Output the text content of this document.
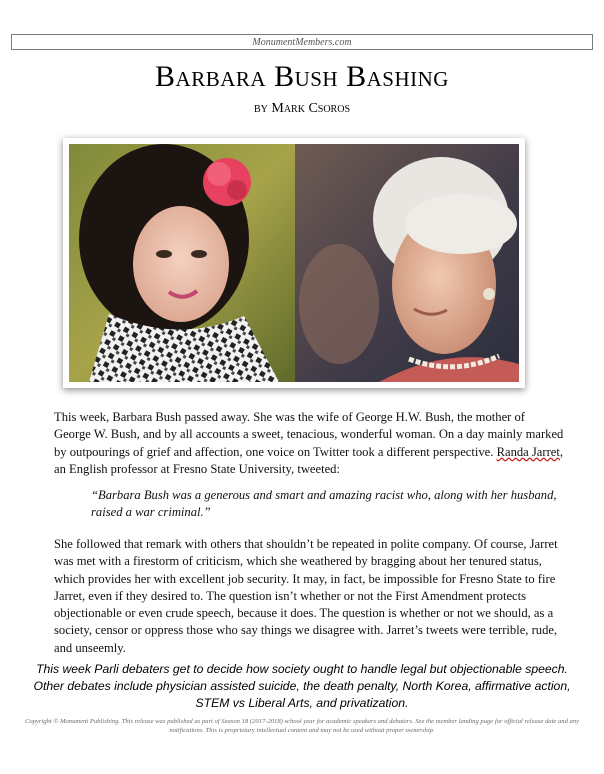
MonumentMembers.com
Barbara Bush Bashing
by Mark Csoros

This week, Barbara Bush passed away. She was the wife of George H.W. Bush, the mother of George W. Bush, and by all accounts a sweet, tenacious, wonderful woman. On a day mainly marked by outpourings of grief and affection, one voice on Twitter took a different perspective. Randa Jarret, an English professor at Fresno State University, tweeted:

“Barbara Bush was a generous and smart and amazing racist who, along with her husband, raised a war criminal.”

She followed that remark with others that shouldn’t be repeated in polite company. Of course, Jarret was met with a firestorm of criticism, which she weathered by bragging about her tenured status, which provides her with excellent job security. It may, in fact, be impossible for Fresno State to fire Jarret, even if they desired to. The question isn’t whether or not the First Amendment protects objectionable or even crude speech, because it does. The question is whether or not we should, as a society, censor or oppress those who say things we disagree with. Jarret’s tweets were terrible, rude, and unseemly.

This week Parli debaters get to decide how society ought to handle legal but objectionable speech.
Other debates include physician assisted suicide, the death penalty, North Korea, affirmative action,
STEM vs Liberal Arts, and privatization.
Copyright © Monument Publishing. This release was published as part of Season 18 (2017-2018) school year for academic speakers and debaters. See the member landing page for official release date and any notifications. This is proprietary intellectual content and may not be used without proper ownership.
